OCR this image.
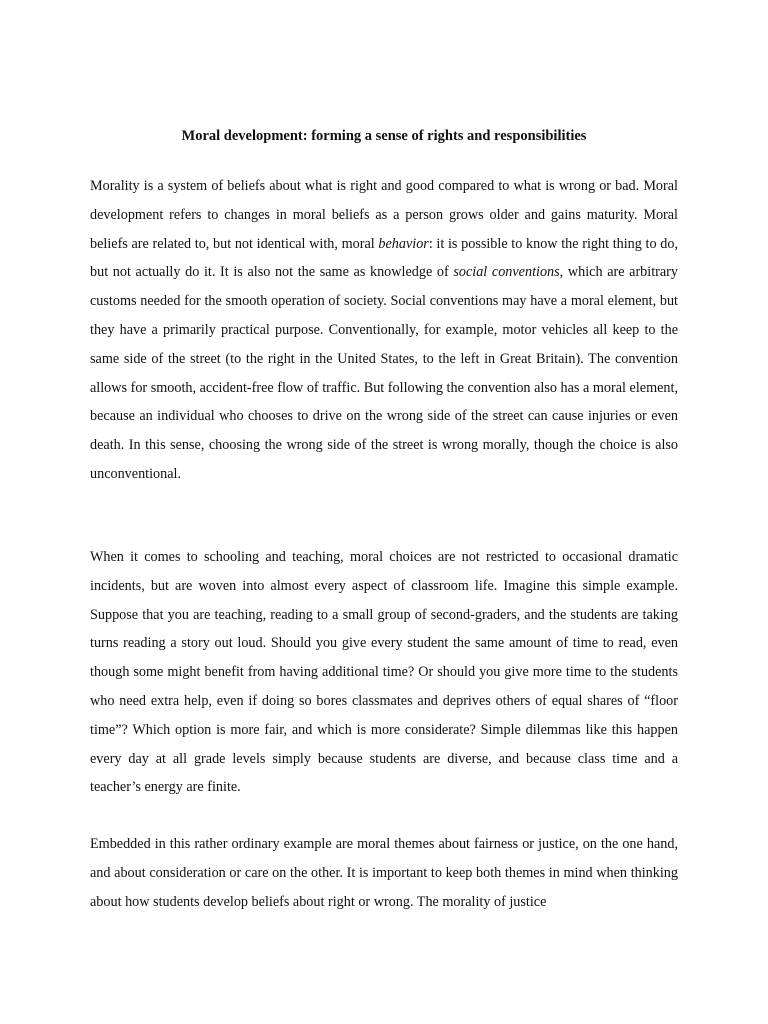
Moral development: forming a sense of rights and responsibilities

Morality is a system of beliefs about what is right and good compared to what is wrong or bad. Moral development refers to changes in moral beliefs as a person grows older and gains maturity. Moral beliefs are related to, but not identical with, moral behavior: it is possible to know the right thing to do, but not actually do it. It is also not the same as knowledge of social conventions, which are arbitrary customs needed for the smooth operation of society. Social conventions may have a moral element, but they have a primarily practical purpose. Conventionally, for example, motor vehicles all keep to the same side of the street (to the right in the United States, to the left in Great Britain). The convention allows for smooth, accident-free flow of traffic. But following the convention also has a moral element, because an individual who chooses to drive on the wrong side of the street can cause injuries or even death. In this sense, choosing the wrong side of the street is wrong morally, though the choice is also unconventional.

When it comes to schooling and teaching, moral choices are not restricted to occasional dramatic incidents, but are woven into almost every aspect of classroom life. Imagine this simple example. Suppose that you are teaching, reading to a small group of second-graders, and the students are taking turns reading a story out loud. Should you give every student the same amount of time to read, even though some might benefit from having additional time? Or should you give more time to the students who need extra help, even if doing so bores classmates and deprives others of equal shares of “floor time”? Which option is more fair, and which is more considerate? Simple dilemmas like this happen every day at all grade levels simply because students are diverse, and because class time and a teacher’s energy are finite.

Embedded in this rather ordinary example are moral themes about fairness or justice, on the one hand, and about consideration or care on the other. It is important to keep both themes in mind when thinking about how students develop beliefs about right or wrong. The morality of justice
